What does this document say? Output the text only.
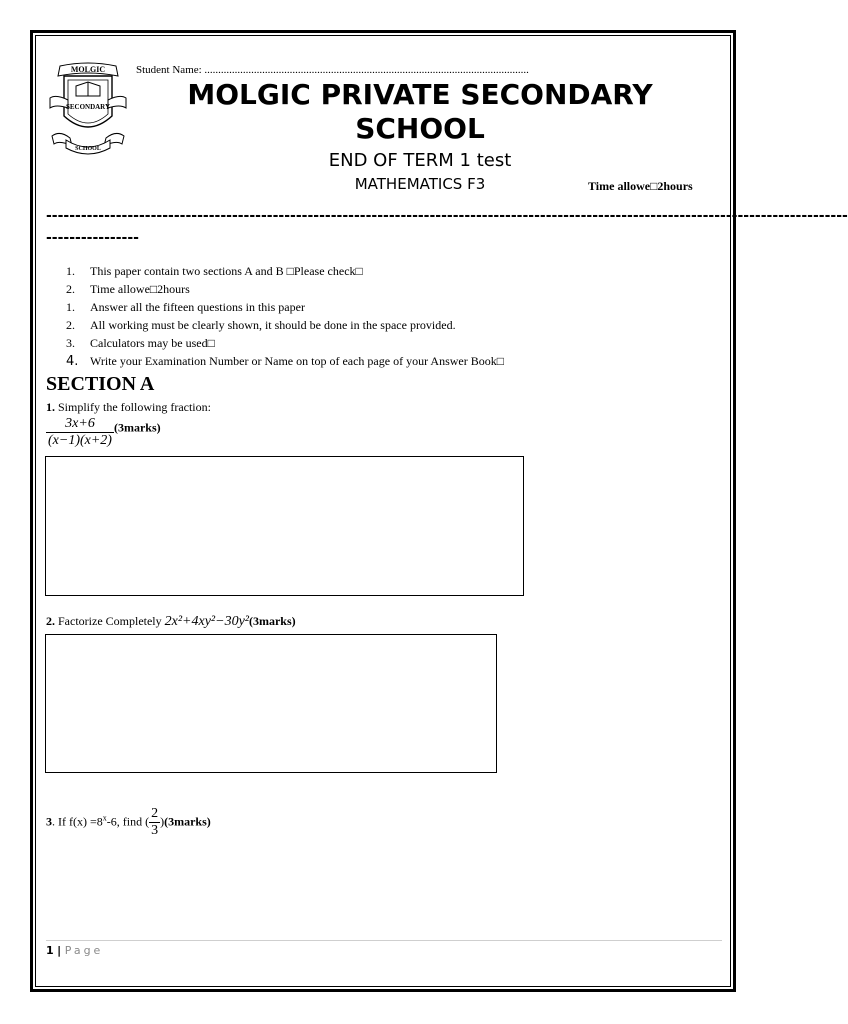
MOLGIC
SECONDARY
SCHOOL
Student Name: ......................................................................................................................
MOLGIC PRIVATE SECONDARY SCHOOL
END OF TERM 1 test
MATHEMATICS F3	Time allowe□2hours
------------------------------------------------------------------------------------------------------------------------------------------
----------------
1. This paper contain two sections A and B □Please check□
2. Time allowe□2hours
1. Answer all the fifteen questions in this paper
2. All working must be clearly shown, it should be done in the space provided.
3. Calculators may be used□
4. Write your Examination Number or Name on top of each page of your Answer Book□
SECTION A
1. Simplify the following fraction:
$\frac{3x+6}{(x-1)(x+2)}$ (3marks)
2. Factorize Completely 2x²+4xy²−30y²(3marks)
3. If $f(x) =8^x-6$, find ( $\frac{2}{3}$ )(3marks)
1 | Page
